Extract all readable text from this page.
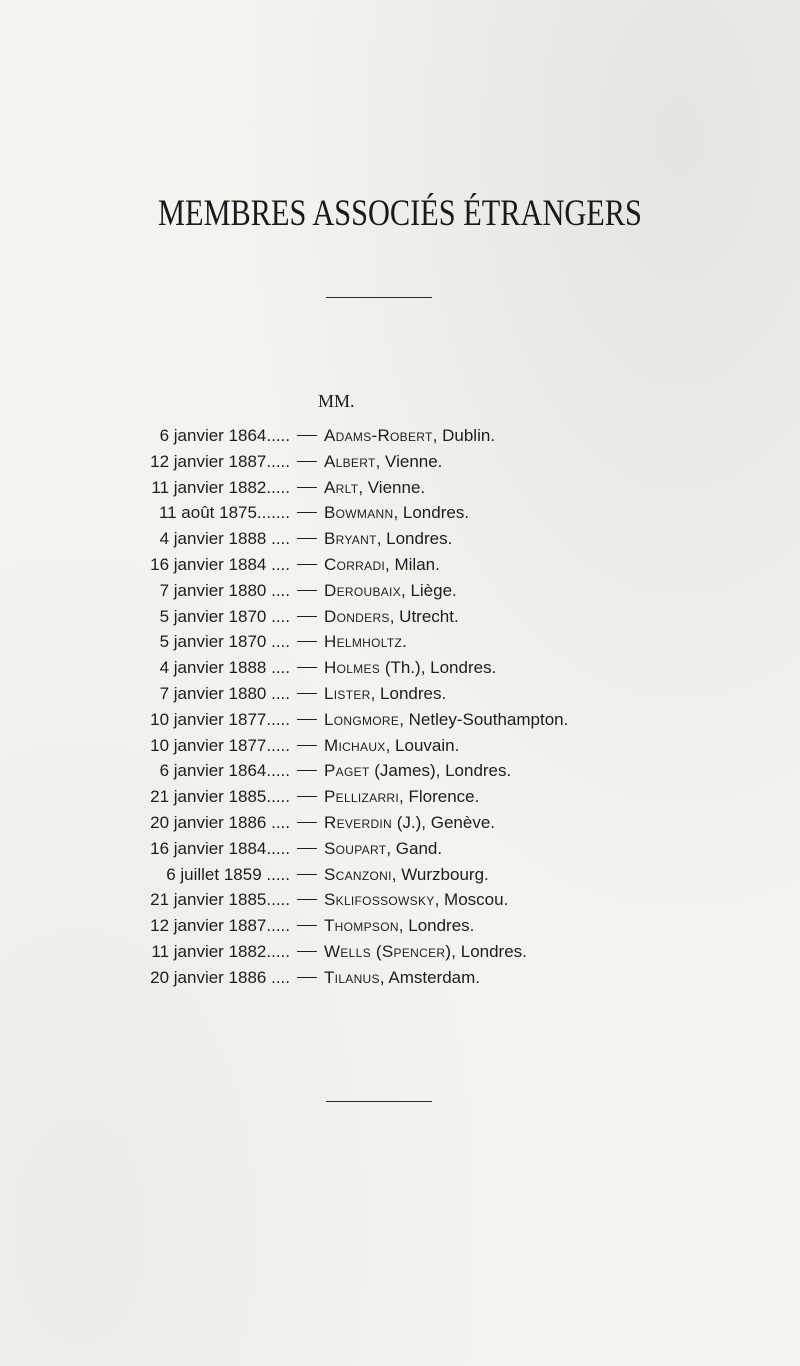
MEMBRES ASSOCIÉS ÉTRANGERS
MM.
6 janvier 1864.....	Adams-Robert, Dublin.
12 janvier 1887.....	Albert, Vienne.
11 janvier 1882.....	Arlt, Vienne.
11 août 1875.......	Bowmann, Londres.
4 janvier 1888 ....	Bryant, Londres.
16 janvier 1884 ....	Corradi, Milan.
7 janvier 1880 ....	Deroubaix, Liège.
5 janvier 1870 ....	Donders, Utrecht.
5 janvier 1870 ....	Helmholtz.
4 janvier 1888 ....	Holmes (Th.), Londres.
7 janvier 1880 ....	Lister, Londres.
10 janvier 1877.....	Longmore, Netley-Southampton.
10 janvier 1877.....	Michaux, Louvain.
6 janvier 1864.....	Paget (James), Londres.
21 janvier 1885.....	Pellizarri, Florence.
20 janvier 1886 ....	Reverdin (J.), Genève.
16 janvier 1884.....	Soupart, Gand.
6 juillet 1859 .....	Scanzoni, Wurzbourg.
21 janvier 1885.....	Sklifossowsky, Moscou.
12 janvier 1887.....	Thompson, Londres.
11 janvier 1882.....	Wells (Spencer), Londres.
20 janvier 1886 ....	Tilanus, Amsterdam.
